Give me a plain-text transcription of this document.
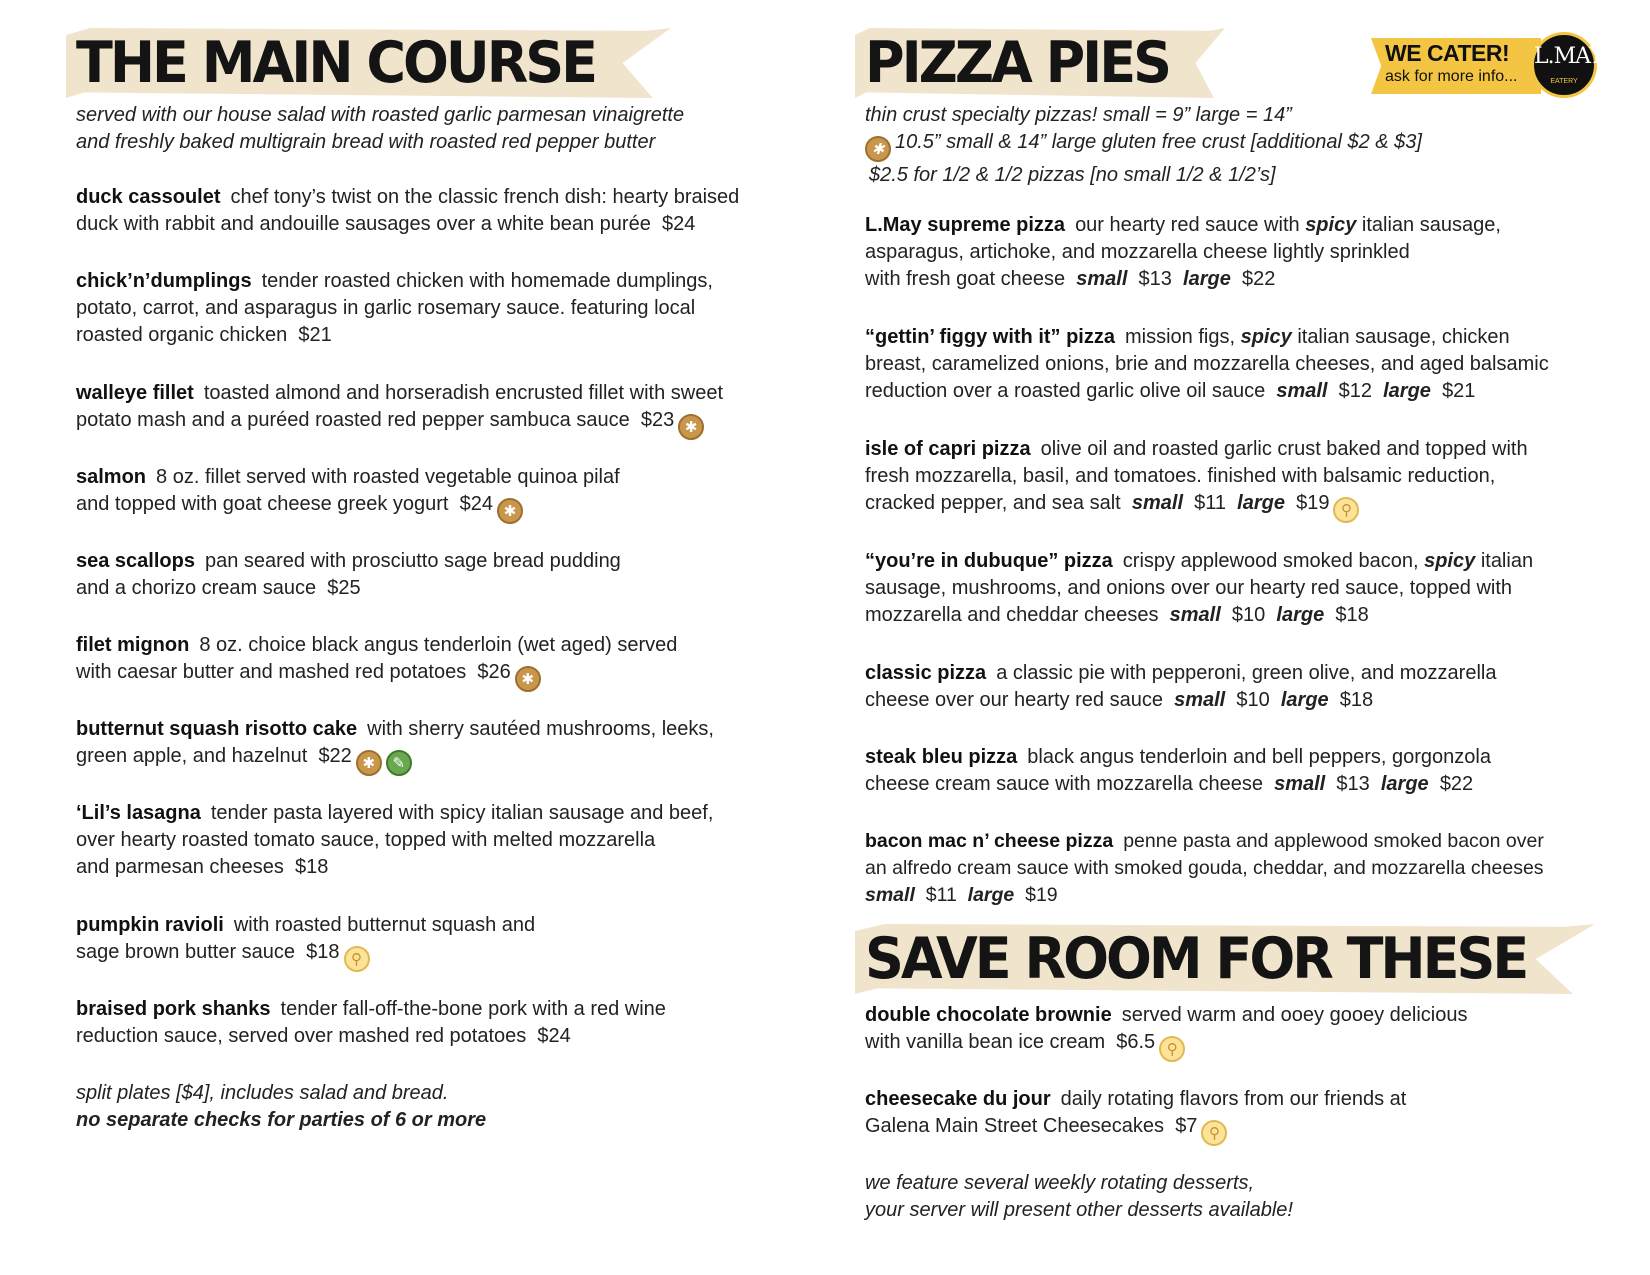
THE MAIN COURSE
served with our house salad with roasted garlic parmesan vinaigrette
and freshly baked multigrain bread with roasted red pepper butter
duck cassoulet chef tony’s twist on the classic french dish: hearty braised
duck with rabbit and andouille sausages over a white bean purée $24
chick’n’dumplings tender roasted chicken with homemade dumplings,
potato, carrot, and asparagus in garlic rosemary sauce. featuring local
roasted organic chicken $21
walleye fillet toasted almond and horseradish encrusted fillet with sweet
potato mash and a puréed roasted red pepper sambuca sauce $23 ✱
salmon 8 oz. fillet served with roasted vegetable quinoa pilaf
and topped with goat cheese greek yogurt $24 ✱
sea scallops pan seared with prosciutto sage bread pudding
and a chorizo cream sauce $25
filet mignon 8 oz. choice black angus tenderloin (wet aged) served
with caesar butter and mashed red potatoes $26 ✱
butternut squash risotto cake with sherry sautéed mushrooms, leeks,
green apple, and hazelnut $22 ✱ ✎
‘Lil’s lasagna tender pasta layered with spicy italian sausage and beef,
over hearty roasted tomato sauce, topped with melted mozzarella
and parmesan cheeses $18
pumpkin ravioli with roasted butternut squash and
sage brown butter sauce $18 ⚲
braised pork shanks tender fall-off-the-bone pork with a red wine
reduction sauce, served over mashed red potatoes $24
split plates [$4], includes salad and bread.
no separate checks for parties of 6 or more
PIZZA PIES
thin crust specialty pizzas! small = 9” large = 14”
✱ 10.5” small & 14” large gluten free crust [additional $2 & $3]
$2.5 for 1/2 & 1/2 pizzas [no small 1/2 & 1/2’s]
L.May supreme pizza our hearty red sauce with spicy italian sausage,
asparagus, artichoke, and mozzarella cheese lightly sprinkled
with fresh goat cheese small $13 large $22
“gettin’ figgy with it” pizza mission figs, spicy italian sausage, chicken
breast, caramelized onions, brie and mozzarella cheeses, and aged balsamic
reduction over a roasted garlic olive oil sauce small $12 large $21
isle of capri pizza olive oil and roasted garlic crust baked and topped with
fresh mozzarella, basil, and tomatoes. finished with balsamic reduction,
cracked pepper, and sea salt small $11 large $19 ⚲
“you’re in dubuque” pizza crispy applewood smoked bacon, spicy italian
sausage, mushrooms, and onions over our hearty red sauce, topped with
mozzarella and cheddar cheeses small $10 large $18
classic pizza a classic pie with pepperoni, green olive, and mozzarella
cheese over our hearty red sauce small $10 large $18
steak bleu pizza black angus tenderloin and bell peppers, gorgonzola
cheese cream sauce with mozzarella cheese small $13 large $22
bacon mac n’ cheese pizza penne pasta and applewood smoked bacon over
an alfredo cream sauce with smoked gouda, cheddar, and mozzarella cheeses
small $11 large $19
SAVE ROOM FOR THESE
double chocolate brownie served warm and ooey gooey delicious
with vanilla bean ice cream $6.5 ⚲
cheesecake du jour daily rotating flavors from our friends at
Galena Main Street Cheesecakes $7 ⚲
we feature several weekly rotating desserts,
your server will present other desserts available!
WE CATER!
ask for more info...
L.MAY
EATERY
